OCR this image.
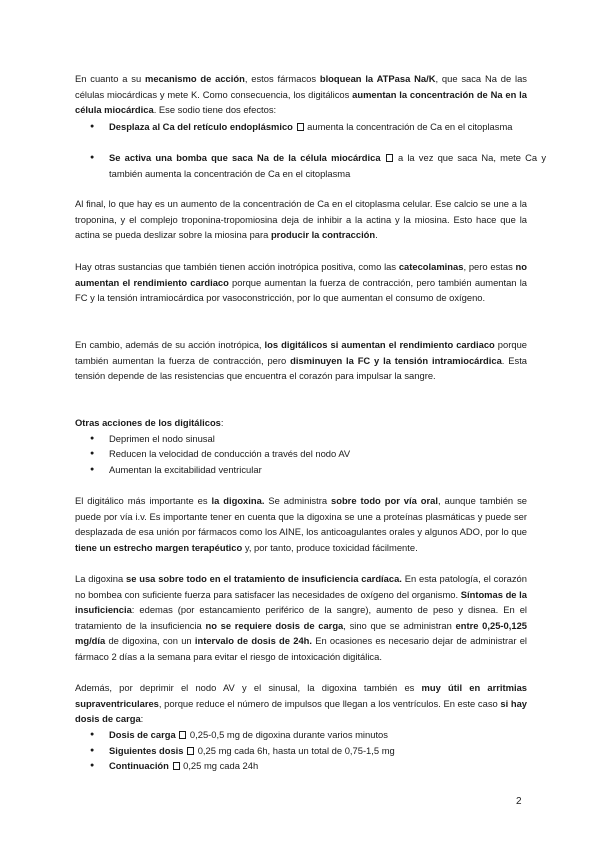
En cuanto a su mecanismo de acción, estos fármacos bloquean la ATPasa Na/K, que saca Na de las células miocárdicas y mete K. Como consecuencia, los digitálicos aumentan la concentración de Na en la célula miocárdica. Ese sodio tiene dos efectos:

● Desplaza al Ca del retículo endoplásmico  aumenta la concentración de Ca en el citoplasma

● Se activa una bomba que saca Na de la célula miocárdica  a la vez que saca Na, mete Ca y también aumenta la concentración de Ca en el citoplasma

Al final, lo que hay es un aumento de la concentración de Ca en el citoplasma celular. Ese calcio se une a la troponina, y el complejo troponina-tropomiosina deja de inhibir a la actina y la miosina. Esto hace que la actina se pueda deslizar sobre la miosina para producir la contracción.

Hay otras sustancias que también tienen acción inotrópica positiva, como las catecolaminas, pero estas no aumentan el rendimiento cardiaco porque aumentan la fuerza de contracción, pero también aumentan la FC y la tensión intramiocárdica por vasoconstricción, por lo que aumentan el consumo de oxígeno.

En cambio, además de su acción inotrópica, los digitálicos si aumentan el rendimiento cardiaco porque también aumentan la fuerza de contracción, pero disminuyen la FC y la tensión intramiocárdica. Esta tensión depende de las resistencias que encuentra el corazón para impulsar la sangre.

Otras acciones de los digitálicos:

● Deprimen el nodo sinusal

● Reducen la velocidad de conducción a través del nodo AV

● Aumentan la excitabilidad ventricular

El digitálico más importante es la digoxina. Se administra sobre todo por vía oral, aunque también se puede por vía i.v. Es importante tener en cuenta que la digoxina se une a proteínas plasmáticas y puede ser desplazada de esa unión por fármacos como los AINE, los anticoagulantes orales y algunos ADO, por lo que tiene un estrecho margen terapéutico y, por tanto, produce toxicidad fácilmente.

La digoxina se usa sobre todo en el tratamiento de insuficiencia cardíaca. En esta patología, el corazón no bombea con suficiente fuerza para satisfacer las necesidades de oxígeno del organismo. Síntomas de la insuficiencia: edemas (por estancamiento periférico de la sangre), aumento de peso y disnea. En el tratamiento de la insuficiencia no se requiere dosis de carga, sino que se administran entre 0,25-0,125 mg/día de digoxina, con un intervalo de dosis de 24h. En ocasiones es necesario dejar de administrar el fármaco 2 días a la semana para evitar el riesgo de intoxicación digitálica.

Además, por deprimir el nodo AV y el sinusal, la digoxina también es muy útil en arritmias supraventriculares, porque reduce el número de impulsos que llegan a los ventrículos. En este caso si hay dosis de carga:

● Dosis de carga  0,25-0,5 mg de digoxina durante varios minutos

● Siguientes dosis  0,25 mg cada 6h, hasta un total de 0,75-1,5 mg

● Continuación  0,25 mg cada 24h

2
